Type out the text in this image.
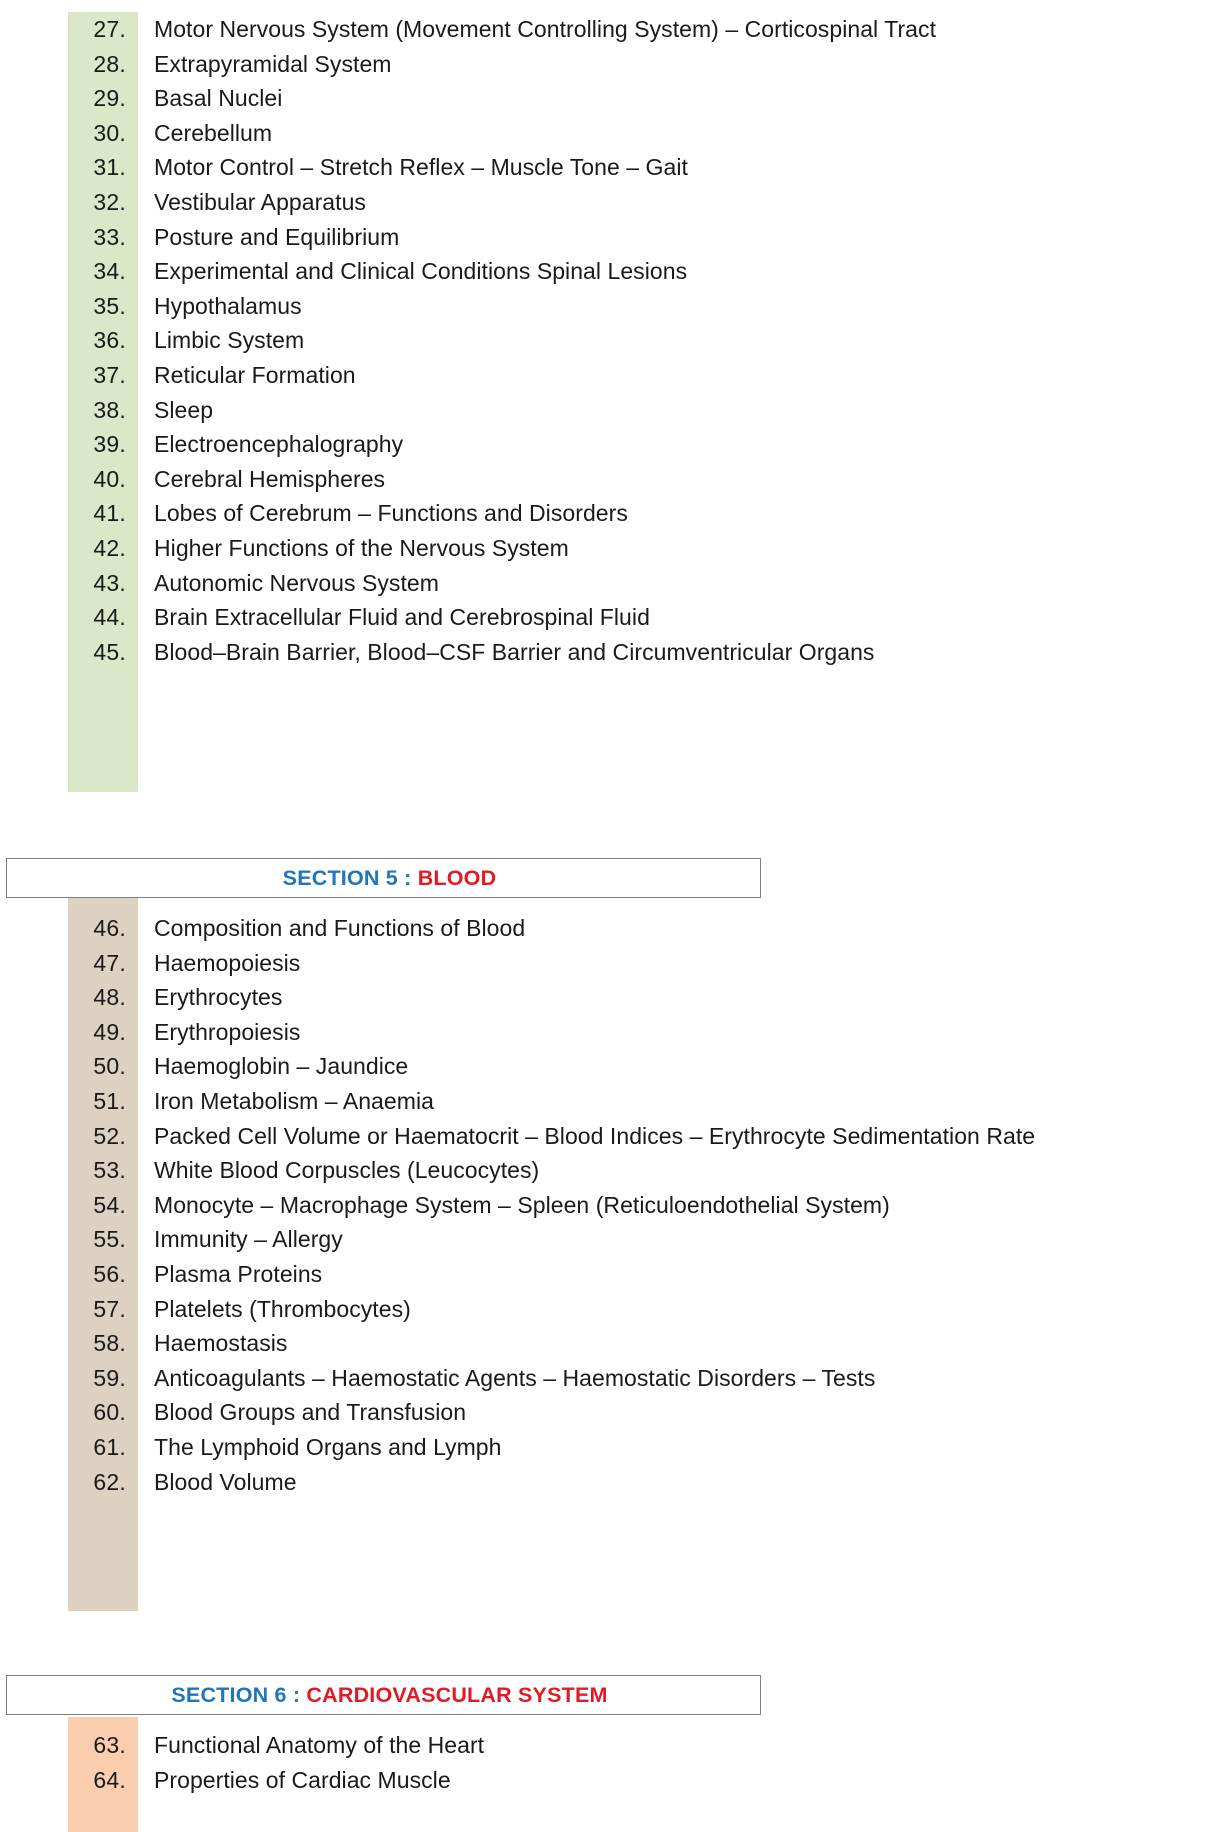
27.	Motor Nervous System (Movement Controlling System) – Corticospinal Tract
28.	Extrapyramidal System
29.	Basal Nuclei
30.	Cerebellum
31.	Motor Control – Stretch Reflex – Muscle Tone – Gait
32.	Vestibular Apparatus
33.	Posture and Equilibrium
34.	Experimental and Clinical Conditions Spinal Lesions
35.	Hypothalamus
36.	Limbic System
37.	Reticular Formation
38.	Sleep
39.	Electroencephalography
40.	Cerebral Hemispheres
41.	Lobes of Cerebrum – Functions and Disorders
42.	Higher Functions of the Nervous System
43.	Autonomic Nervous System
44.	Brain Extracellular Fluid and Cerebrospinal Fluid
45.	Blood–Brain Barrier, Blood–CSF Barrier and Circumventricular Organs
SECTION 5 : BLOOD
46.	Composition and Functions of Blood
47.	Haemopoiesis
48.	Erythrocytes
49.	Erythropoiesis
50.	Haemoglobin – Jaundice
51.	Iron Metabolism – Anaemia
52.	Packed Cell Volume or Haematocrit – Blood Indices – Erythrocyte Sedimentation Rate
53.	White Blood Corpuscles (Leucocytes)
54.	Monocyte – Macrophage System – Spleen (Reticuloendothelial System)
55.	Immunity – Allergy
56.	Plasma Proteins
57.	Platelets (Thrombocytes)
58.	Haemostasis
59.	Anticoagulants – Haemostatic Agents – Haemostatic Disorders – Tests
60.	Blood Groups and Transfusion
61.	The Lymphoid Organs and Lymph
62.	Blood Volume
SECTION 6 : CARDIOVASCULAR SYSTEM
63.	Functional Anatomy of the Heart
64.	Properties of Cardiac Muscle
